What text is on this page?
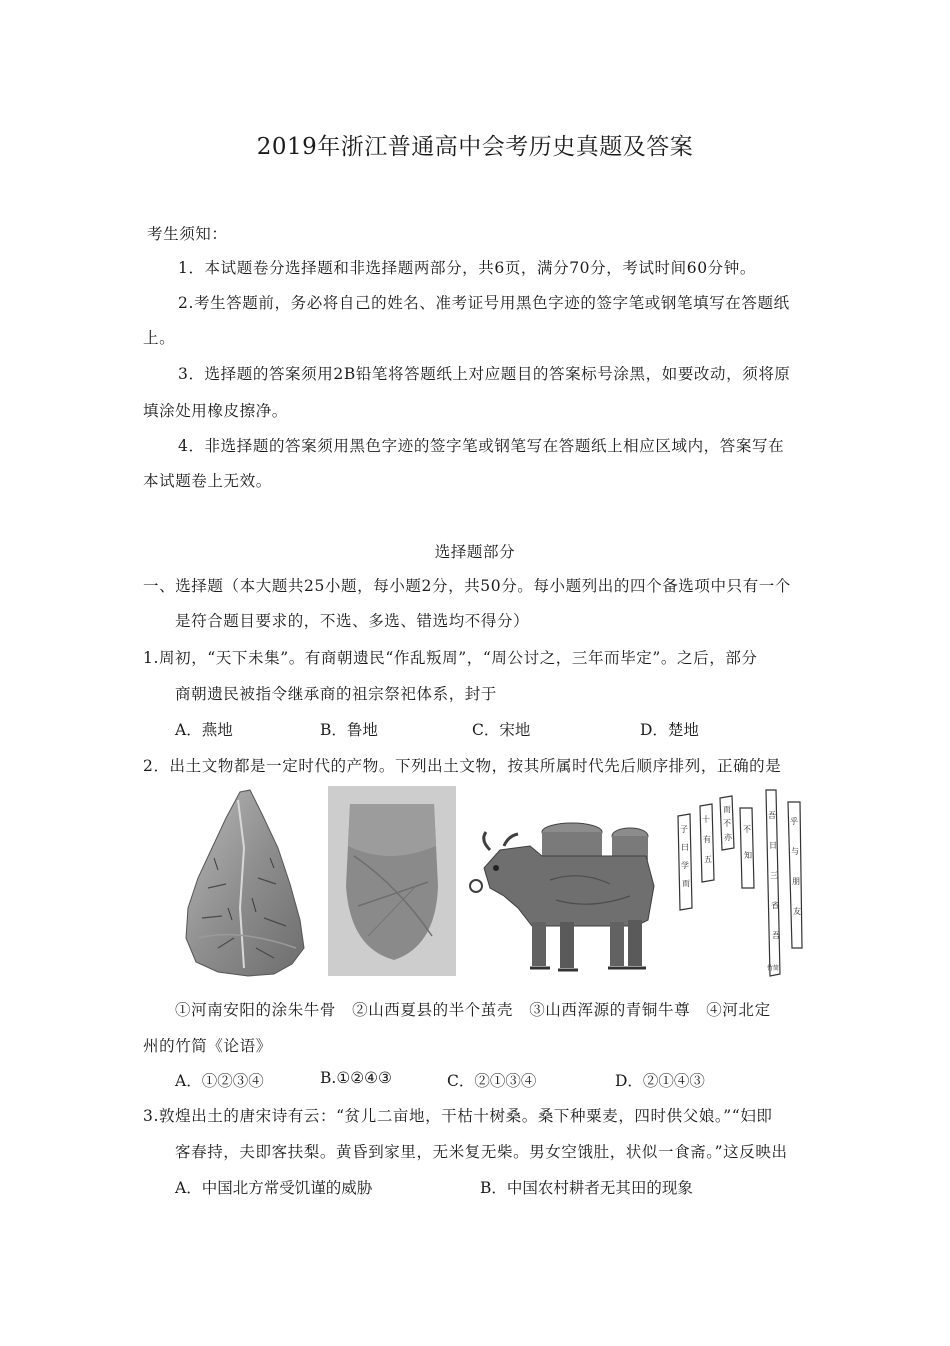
2019年浙江普通高中会考历史真题及答案
考生须知：
1．本试题卷分选择题和非选择题两部分，共6页，满分70分，考试时间60分钟。
2.考生答题前，务必将自己的姓名、准考证号用黑色字迹的签字笔或钢笔填写在答题纸
上。
3．选择题的答案须用2B铅笔将答题纸上对应题目的答案标号涂黑，如要改动，须将原
填涂处用橡皮擦净。
4．非选择题的答案须用黑色字迹的签字笔或钢笔写在答题纸上相应区域内，答案写在
本试题卷上无效。
选择题部分
一、选择题（本大题共25小题，每小题2分，共50分。每小题列出的四个备选项中只有一个
是符合题目要求的，不选、多选、错选均不得分）
1.周初，“天下未集”。有商朝遗民“作乱叛周”，“周公讨之，三年而毕定”。之后，部分
商朝遗民被指令继承商的祖宗祭祀体系，封于
A．燕地	B．鲁地	C．宋地	D．楚地
2．出土文物都是一定时代的产物。下列出土文物，按其所属时代先后顺序排列，正确的是
子
曰
学
而
十
有
五
而
不
亦
不
知
吾
日
三
省
吾
乎
与
朋
友
竹简
①河南安阳的涂朱牛骨　②山西夏县的半个茧壳　③山西浑源的青铜牛尊　④河北定
州的竹简《论语》
A．①②③④	B.①②④③	C．②①③④	D．②①④③
3.敦煌出土的唐宋诗有云：“贫儿二亩地，干枯十树桑。桑下种粟麦，四时供父娘。”“妇即
客春持，夫即客扶梨。黄昏到家里，无米复无柴。男女空饿肚，状似一食斋。”这反映出
A．中国北方常受饥谨的威胁	B．中国农村耕者无其田的现象
